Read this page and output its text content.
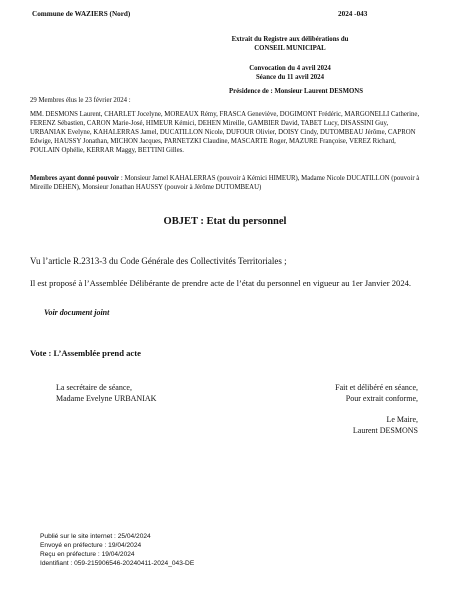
Commune de WAZIERS (Nord)	2024 -043
Extrait du Registre aux délibérations du
CONSEIL MUNICIPAL
Convocation du 4 avril 2024
Séance du 11 avril 2024
Présidence de : Monsieur Laurent DESMONS
29 Membres élus le 23 février 2024 :
MM. DESMONS Laurent, CHARLET Jocelyne, MOREAUX Rémy, FRASCA Geneviève, DOGIMONT Frédéric, MARGONELLI Catherine, FERENZ Sébastien, CARON Marie-José, HIMEUR Kémici, DEHEN Mireille, GAMBIER David, TABET Lucy, DISASSINI Guy, URBANIAK Evelyne, KAHALERRAS Jamel, DUCATILLON Nicole, DUFOUR Olivier, DOISY Cindy, DUTOMBEAU Jérôme, CAPRON Edwige, HAUSSY Jonathan, MICHON Jacques, PARNETZKI Claudine, MASCARTE Roger, MAZURE Françoise, VEREZ Richard, POULAIN Ophélie, KERRAR Maggy, BETTINI Gilles.
Membres ayant donné pouvoir : Monsieur Jamel KAHALERRAS (pouvoir à Kémici HIMEUR), Madame Nicole DUCATILLON (pouvoir à Mireille DEHEN), Monsieur Jonathan HAUSSY (pouvoir à Jérôme DUTOMBEAU)
OBJET : Etat du personnel
Vu l’article R.2313-3 du Code Générale des Collectivités Territoriales ;
Il est proposé à l’Assemblée Délibérante de prendre acte de l’état du personnel en vigueur au 1er Janvier 2024.
Voir document joint
Vote : L’Assemblée prend acte
La secrétaire de séance,
Madame Evelyne URBANIAK
Fait et délibéré en séance,
Pour extrait conforme,
Le Maire,
Laurent DESMONS
Publié sur le site internet : 25/04/2024
Envoyé en préfecture : 19/04/2024
Reçu en préfecture : 19/04/2024
Identifiant : 059-215906546-20240411-2024_043-DE
